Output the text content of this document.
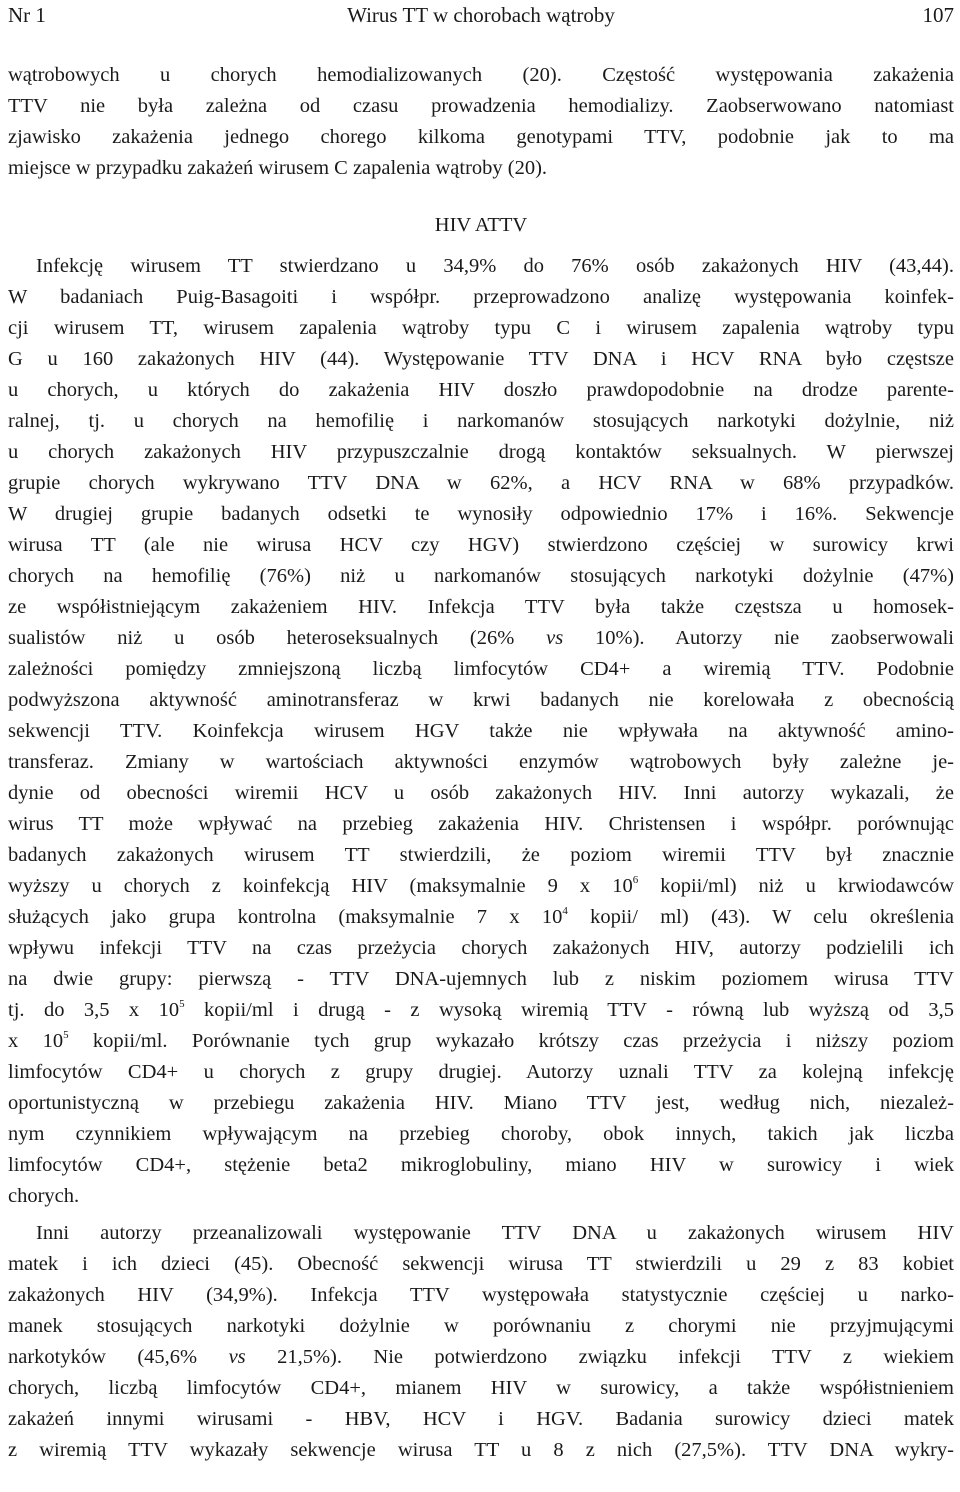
Nr 1	Wirus TT w chorobach wątroby	107
wątrobowych u chorych hemodializowanych (20). Częstość występowania zakażenia
TTV nie była zależna od czasu prowadzenia hemodializy. Zaobserwowano natomiast
zjawisko zakażenia jednego chorego kilkoma genotypami TTV, podobnie jak to ma
miejsce w przypadku zakażeń wirusem C zapalenia wątroby (20).
HIV ATTV
Infekcję wirusem TT stwierdzano u 34,9% do 76% osób zakażonych HIV (43,44).
W badaniach Puig-Basagoiti i współpr. przeprowadzono analizę występowania koinfek-
cji wirusem TT, wirusem zapalenia wątroby typu C i wirusem zapalenia wątroby typu
G u 160 zakażonych HIV (44). Występowanie TTV DNA i HCV RNA było częstsze
u chorych, u których do zakażenia HIV doszło prawdopodobnie na drodze parente-
ralnej, tj. u chorych na hemofilię i narkomanów stosujących narkotyki dożylnie, niż
u chorych zakażonych HIV przypuszczalnie drogą kontaktów seksualnych. W pierwszej
grupie chorych wykrywano TTV DNA w 62%, a HCV RNA w 68% przypadków.
W drugiej grupie badanych odsetki te wynosiły odpowiednio 17% i 16%. Sekwencje
wirusa TT (ale nie wirusa HCV czy HGV) stwierdzono częściej w surowicy krwi
chorych na hemofilię (76%) niż u narkomanów stosujących narkotyki dożylnie (47%)
ze współistniejącym zakażeniem HIV. Infekcja TTV była także częstsza u homosek-
sualistów niż u osób heteroseksualnych (26% vs 10%). Autorzy nie zaobserwowali
zależności pomiędzy zmniejszoną liczbą limfocytów CD4+ a wiremią TTV. Podobnie
podwyższona aktywność aminotransferaz w krwi badanych nie korelowała z obecnością
sekwencji TTV. Koinfekcja wirusem HGV także nie wpływała na aktywność amino-
transferaz. Zmiany w wartościach aktywności enzymów wątrobowych były zależne je-
dynie od obecności wiremii HCV u osób zakażonych HIV. Inni autorzy wykazali, że
wirus TT może wpływać na przebieg zakażenia HIV. Christensen i współpr. porównując
badanych zakażonych wirusem TT stwierdzili, że poziom wiremii TTV był znacznie
wyższy u chorych z koinfekcją HIV (maksymalnie 9 x $10^6$ kopii/ml) niż u krwiodawców
służących jako grupa kontrolna (maksymalnie 7 x $10^4$ kopii/ ml) (43). W celu określenia
wpływu infekcji TTV na czas przeżycia chorych zakażonych HIV, autorzy podzielili ich
na dwie grupy: pierwszą - TTV DNA-ujemnych lub z niskim poziomem wirusa TTV
tj. do 3,5 x $10^5$ kopii/ml i drugą - z wysoką wiremią TTV - równą lub wyższą od 3,5
x $10^5$ kopii/ml. Porównanie tych grup wykazało krótszy czas przeżycia i niższy poziom
limfocytów CD4+ u chorych z grupy drugiej. Autorzy uznali TTV za kolejną infekcję
oportunistyczną w przebiegu zakażenia HIV. Miano TTV jest, według nich, niezależ-
nym czynnikiem wpływającym na przebieg choroby, obok innych, takich jak liczba
limfocytów CD4+, stężenie beta2 mikroglobuliny, miano HIV w surowicy i wiek
chorych.
Inni autorzy przeanalizowali występowanie TTV DNA u zakażonych wirusem HIV
matek i ich dzieci (45). Obecność sekwencji wirusa TT stwierdzili u 29 z 83 kobiet
zakażonych HIV (34,9%). Infekcja TTV występowała statystycznie częściej u narko-
manek stosujących narkotyki dożylnie w porównaniu z chorymi nie przyjmującymi
narkotyków (45,6% vs 21,5%). Nie potwierdzono związku infekcji TTV z wiekiem
chorych, liczbą limfocytów CD4+, mianem HIV w surowicy, a także współistnieniem
zakażeń innymi wirusami - HBV, HCV i HGV. Badania surowicy dzieci matek
z wiremią TTV wykazały sekwencje wirusa TT u 8 z nich (27,5%). TTV DNA wykry-
